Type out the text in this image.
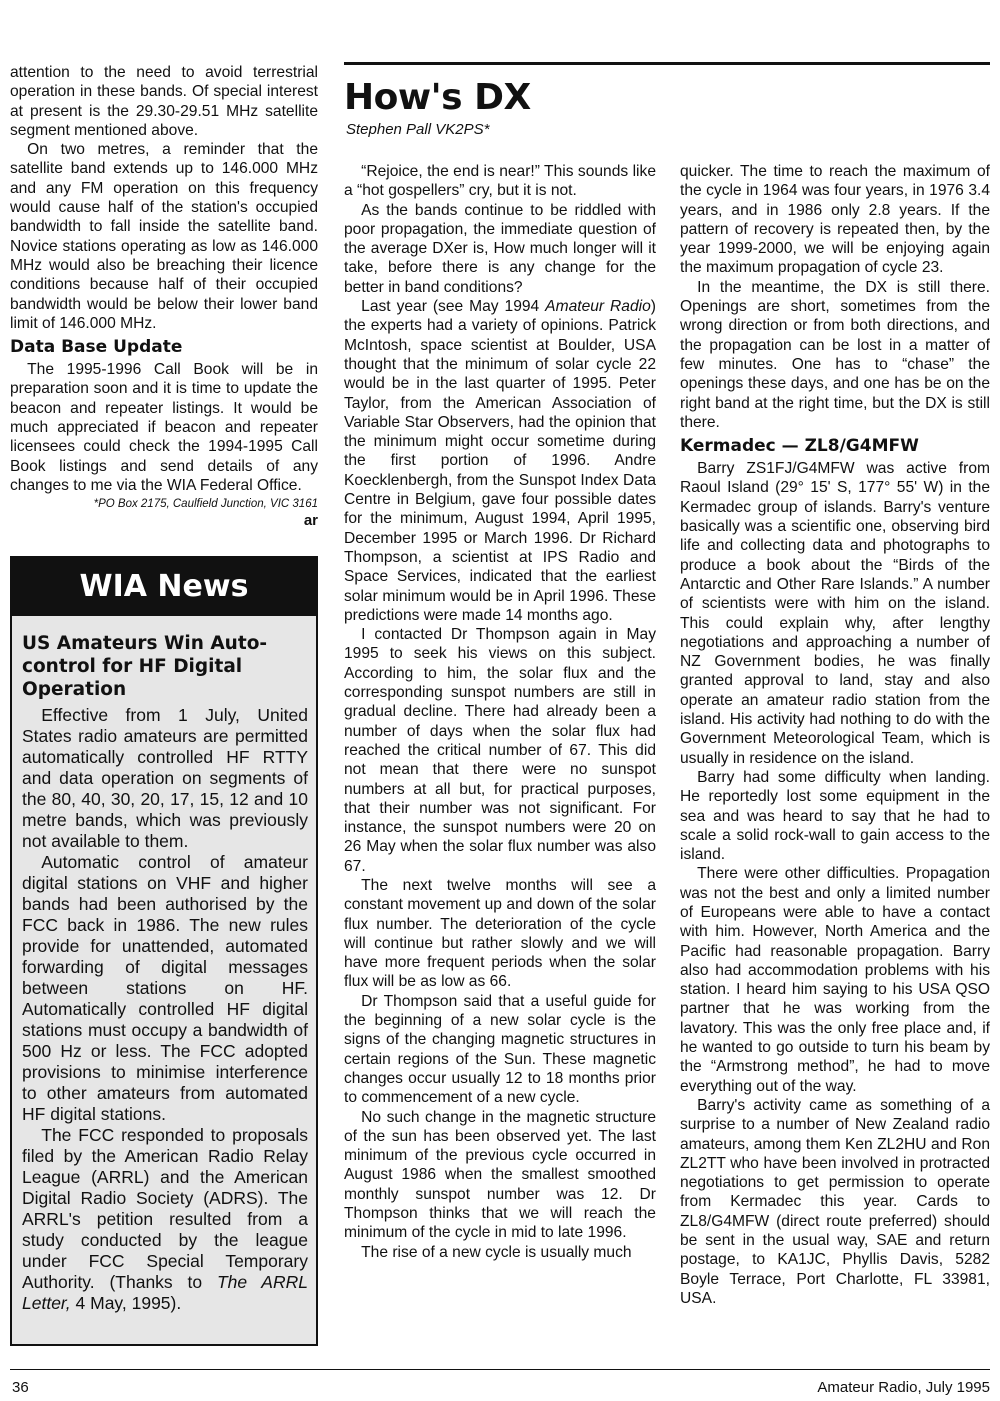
attention to the need to avoid terrestrial operation in these bands. Of special interest at present is the 29.30-29.51 MHz satellite segment mentioned above.

On two metres, a reminder that the satellite band extends up to 146.000 MHz and any FM operation on this frequency would cause half of the station's occupied bandwidth to fall inside the satellite band. Novice stations operating as low as 146.000 MHz would also be breaching their licence conditions because half of their occupied bandwidth would be below their lower band limit of 146.000 MHz.

Data Base Update

The 1995-1996 Call Book will be in preparation soon and it is time to update the beacon and repeater listings. It would be much appreciated if beacon and repeater licensees could check the 1994-1995 Call Book listings and send details of any changes to me via the WIA Federal Office.

*PO Box 2175, Caulfield Junction, VIC 3161
ar
WIA News
US Amateurs Win Auto-control for HF Digital Operation

Effective from 1 July, United States radio amateurs are permitted automatically controlled HF RTTY and data operation on segments of the 80, 40, 30, 20, 17, 15, 12 and 10 metre bands, which was previously not available to them.

Automatic control of amateur digital stations on VHF and higher bands had been authorised by the FCC back in 1986. The new rules provide for unattended, automated forwarding of digital messages between stations on HF. Automatically controlled HF digital stations must occupy a bandwidth of 500 Hz or less. The FCC adopted provisions to minimise interference to other amateurs from automated HF digital stations.

The FCC responded to proposals filed by the American Radio Relay League (ARRL) and the American Digital Radio Society (ADRS). The ARRL's petition resulted from a study conducted by the league under FCC Special Temporary Authority. (Thanks to The ARRL Letter, 4 May, 1995).

How's DX
Stephen Pall VK2PS*

“Rejoice, the end is near!” This sounds like a “hot gospellers” cry, but it is not.

As the bands continue to be riddled with poor propagation, the immediate question of the average DXer is, How much longer will it take, before there is any change for the better in band conditions?

Last year (see May 1994 Amateur Radio) the experts had a variety of opinions. Patrick McIntosh, space scientist at Boulder, USA thought that the minimum of solar cycle 22 would be in the last quarter of 1995. Peter Taylor, from the American Association of Variable Star Observers, had the opinion that the minimum might occur sometime during the first portion of 1996. Andre Koecklenbergh, from the Sunspot Index Data Centre in Belgium, gave four possible dates for the minimum, August 1994, April 1995, December 1995 or March 1996. Dr Richard Thompson, a scientist at IPS Radio and Space Services, indicated that the earliest solar minimum would be in April 1996. These predictions were made 14 months ago.

I contacted Dr Thompson again in May 1995 to seek his views on this subject. According to him, the solar flux and the corresponding sunspot numbers are still in gradual decline. There had already been a number of days when the solar flux had reached the critical number of 67. This did not mean that there were no sunspot numbers at all but, for practical purposes, that their number was not significant. For instance, the sunspot numbers were 20 on 26 May when the solar flux number was also 67.

The next twelve months will see a constant movement up and down of the solar flux number. The deterioration of the cycle will continue but rather slowly and we will have more frequent periods when the solar flux will be as low as 66.

Dr Thompson said that a useful guide for the beginning of a new solar cycle is the signs of the changing magnetic structures in certain regions of the Sun. These magnetic changes occur usually 12 to 18 months prior to commencement of a new cycle.

No such change in the magnetic structure of the sun has been observed yet. The last minimum of the previous cycle occurred in August 1986 when the smallest smoothed monthly sunspot number was 12. Dr Thompson thinks that we will reach the minimum of the cycle in mid to late 1996.

The rise of a new cycle is usually much

quicker. The time to reach the maximum of the cycle in 1964 was four years, in 1976 3.4 years, and in 1986 only 2.8 years. If the pattern of recovery is repeated then, by the year 1999-2000, we will be enjoying again the maximum propagation of cycle 23.

In the meantime, the DX is still there. Openings are short, sometimes from the wrong direction or from both directions, and the propagation can be lost in a matter of few minutes. One has to “chase” the openings these days, and one has be on the right band at the right time, but the DX is still there.

Kermadec — ZL8/G4MFW

Barry ZS1FJ/G4MFW was active from Raoul Island (29° 15' S, 177° 55' W) in the Kermadec group of islands. Barry's venture basically was a scientific one, observing bird life and collecting data and photographs to produce a book about the “Birds of the Antarctic and Other Rare Islands.” A number of scientists were with him on the island. This could explain why, after lengthy negotiations and approaching a number of NZ Government bodies, he was finally granted approval to land, stay and also operate an amateur radio station from the island. His activity had nothing to do with the Government Meteorological Team, which is usually in residence on the island.

Barry had some difficulty when landing. He reportedly lost some equipment in the sea and was heard to say that he had to scale a solid rock-wall to gain access to the island.

There were other difficulties. Propagation was not the best and only a limited number of Europeans were able to have a contact with him. However, North America and the Pacific had reasonable propagation. Barry also had accommodation problems with his station. I heard him saying to his USA QSO partner that he was working from the lavatory. This was the only free place and, if he wanted to go outside to turn his beam by the “Armstrong method”, he had to move everything out of the way.

Barry's activity came as something of a surprise to a number of New Zealand radio amateurs, among them Ken ZL2HU and Ron ZL2TT who have been involved in protracted negotiations to get permission to operate from Kermadec this year. Cards to ZL8/G4MFW (direct route preferred) should be sent in the usual way, SAE and return postage, to KA1JC, Phyllis Davis, 5282 Boyle Terrace, Port Charlotte, FL 33981, USA.

36	Amateur Radio, July 1995
